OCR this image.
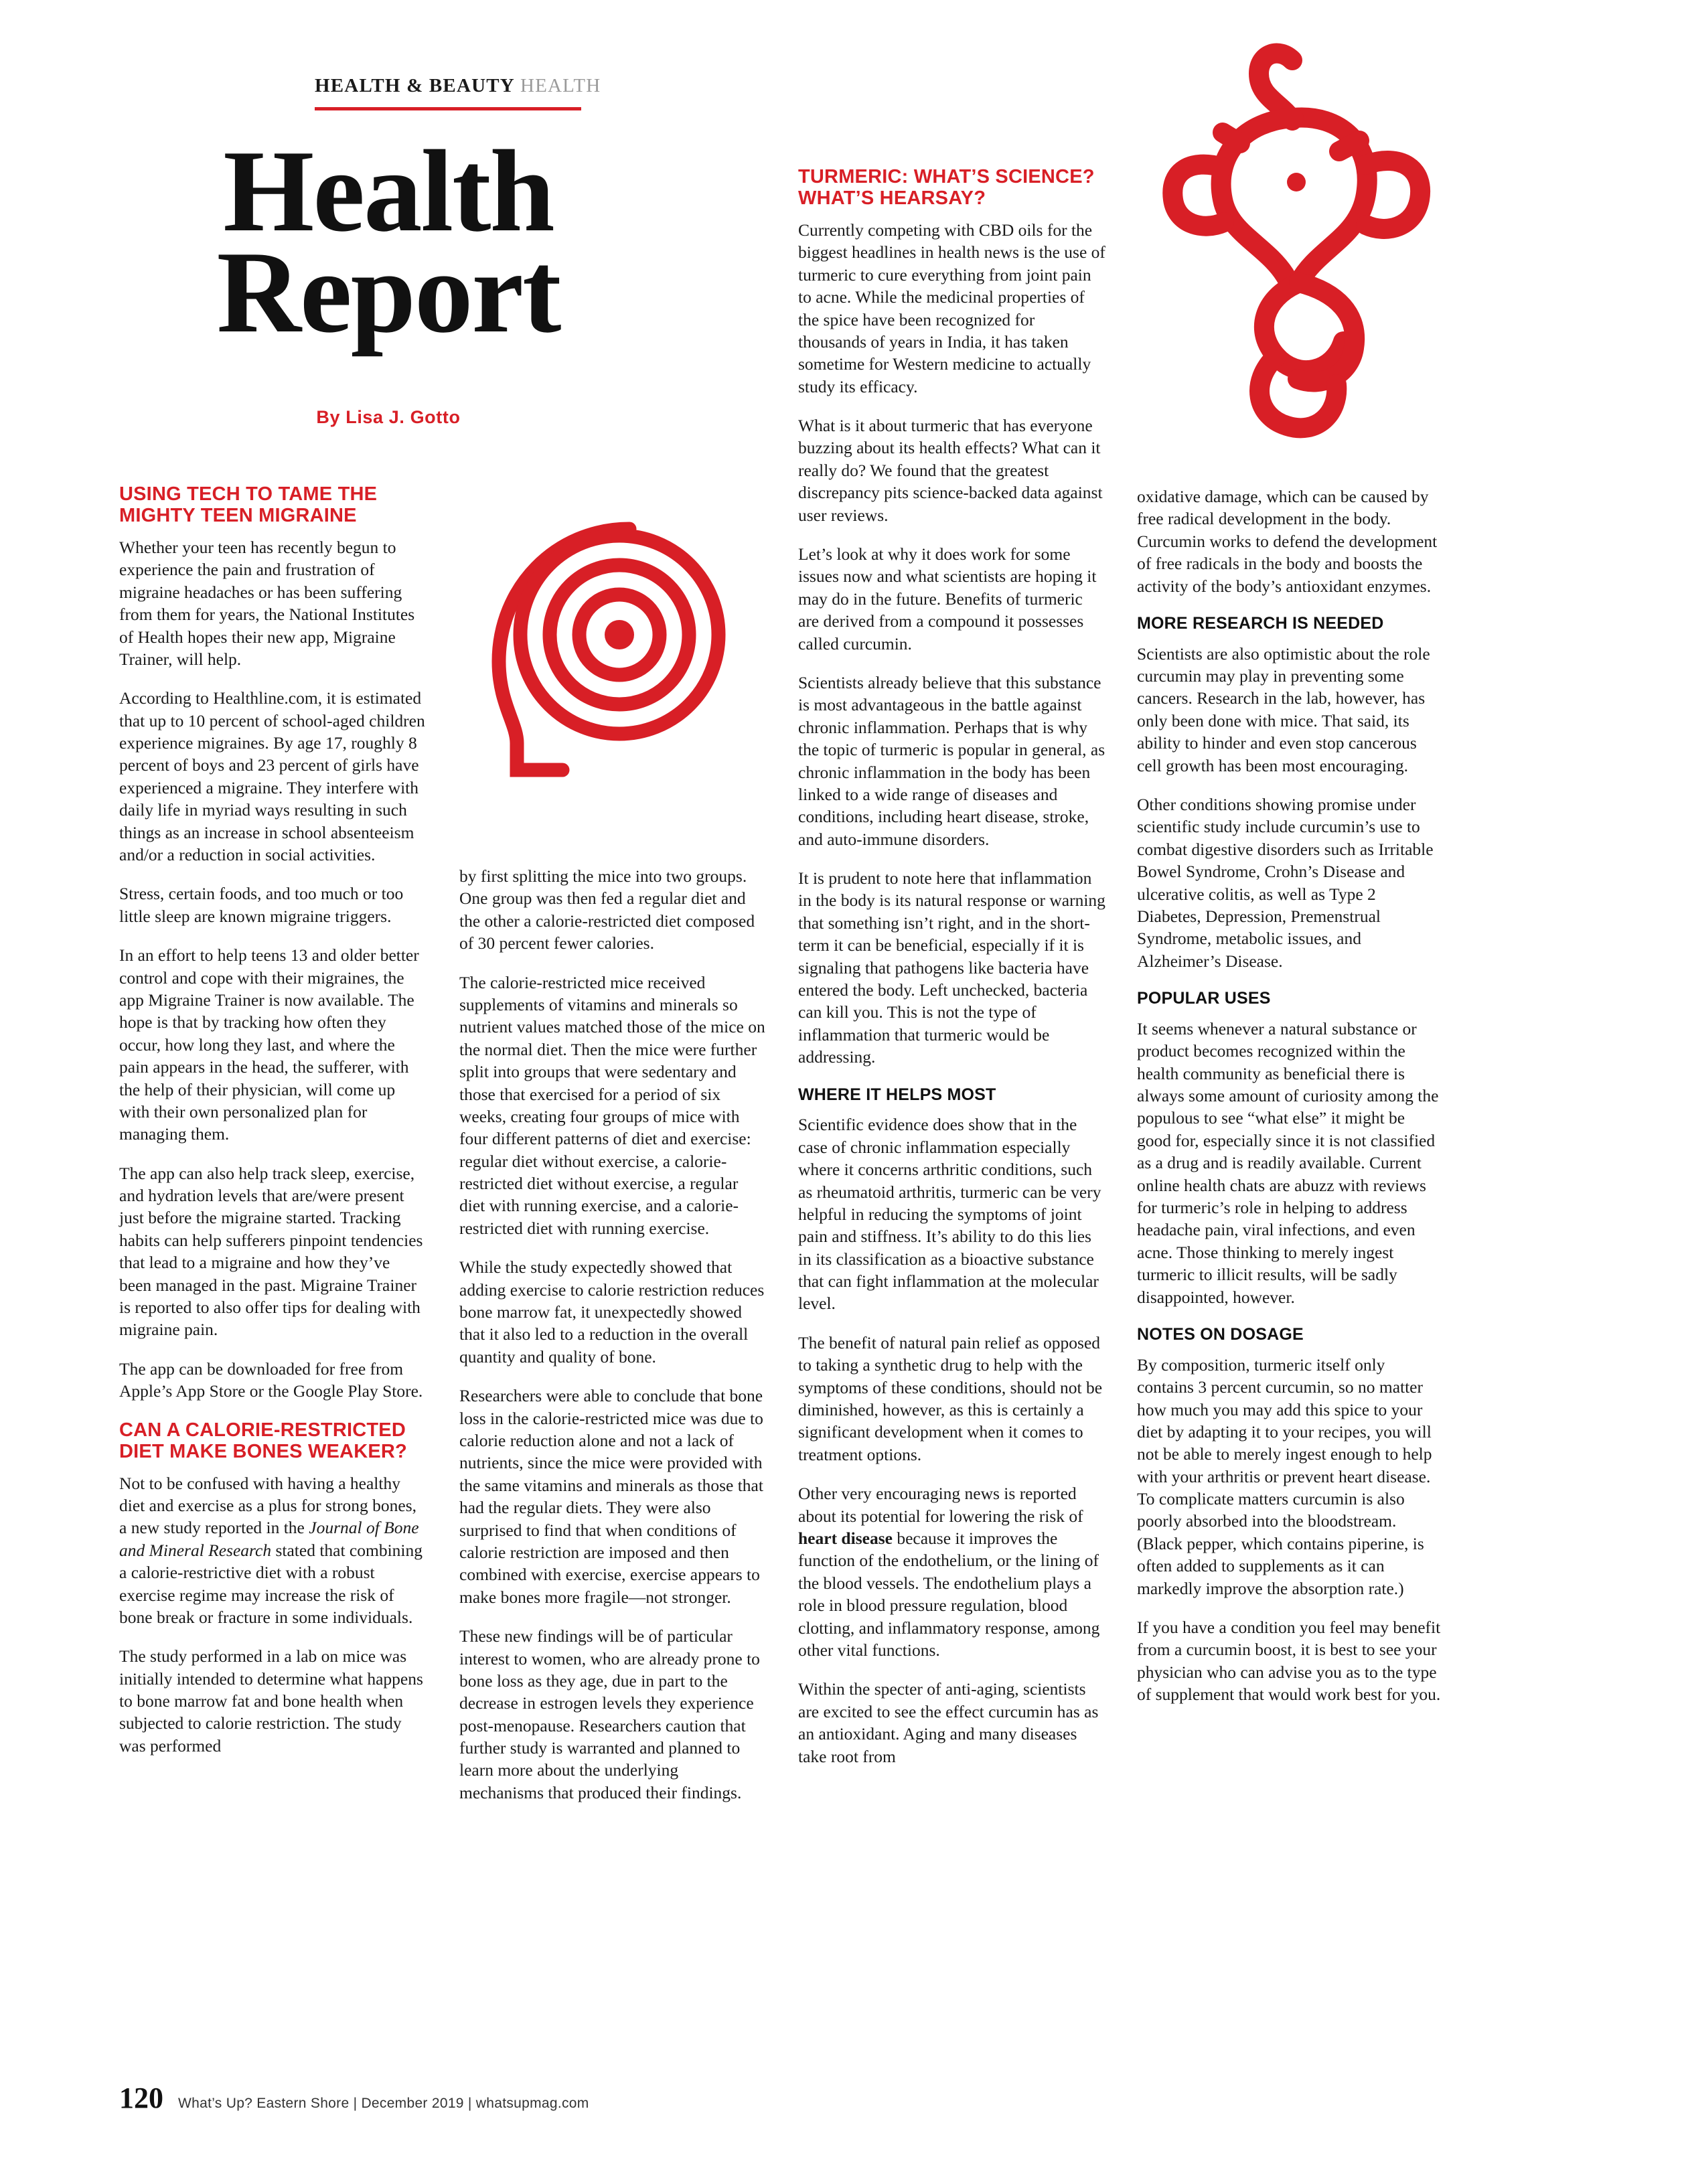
HEALTH & BEAUTY HEALTH
Health
Report
By Lisa J. Gotto
USING TECH TO TAME THE MIGHTY TEEN MIGRAINE

Whether your teen has recently begun to experience the pain and frustration of migraine headaches or has been suffering from them for years, the National Institutes of Health hopes their new app, Migraine Trainer, will help.

According to Healthline.com, it is estimated that up to 10 percent of school-aged children experience migraines. By age 17, roughly 8 percent of boys and 23 percent of girls have experienced a migraine. They interfere with daily life in myriad ways resulting in such things as an increase in school absenteeism and/or a reduction in social activities.

Stress, certain foods, and too much or too little sleep are known migraine triggers.

In an effort to help teens 13 and older better control and cope with their migraines, the app Migraine Trainer is now available. The hope is that by tracking how often they occur, how long they last, and where the pain appears in the head, the sufferer, with the help of their physician, will come up with their own personalized plan for managing them.

The app can also help track sleep, exercise, and hydration levels that are/were present just before the migraine started. Tracking habits can help sufferers pinpoint tendencies that lead to a migraine and how they’ve been managed in the past. Migraine Trainer is reported to also offer tips for dealing with migraine pain.

The app can be downloaded for free from Apple’s App Store or the Google Play Store.

CAN A CALORIE-RESTRICTED DIET MAKE BONES WEAKER?

Not to be confused with having a healthy diet and exercise as a plus for strong bones, a new study reported in the Journal of Bone and Mineral Research stated that combining a calorie-restrictive diet with a robust exercise regime may increase the risk of bone break or fracture in some individuals.

The study performed in a lab on mice was initially intended to determine what happens to bone marrow fat and bone health when subjected to calorie restriction. The study was performed

by first splitting the mice into two groups. One group was then fed a regular diet and the other a calorie-restricted diet composed of 30 percent fewer calories.

The calorie-restricted mice received supplements of vitamins and minerals so nutrient values matched those of the mice on the normal diet. Then the mice were further split into groups that were sedentary and those that exercised for a period of six weeks, creating four groups of mice with four different patterns of diet and exercise: regular diet without exercise, a calorie-restricted diet without exercise, a regular diet with running exercise, and a calorie-restricted diet with running exercise.

While the study expectedly showed that adding exercise to calorie restriction reduces bone marrow fat, it unexpectedly showed that it also led to a reduction in the overall quantity and quality of bone.

Researchers were able to conclude that bone loss in the calorie-restricted mice was due to calorie reduction alone and not a lack of nutrients, since the mice were provided with the same vitamins and minerals as those that had the regular diets. They were also surprised to find that when conditions of calorie restriction are imposed and then combined with exercise, exercise appears to make bones more fragile—not stronger.

These new findings will be of particular interest to women, who are already prone to bone loss as they age, due in part to the decrease in estrogen levels they experience post-menopause. Researchers caution that further study is warranted and planned to learn more about the underlying mechanisms that produced their findings.

TURMERIC: WHAT’S SCIENCE? WHAT’S HEARSAY?

Currently competing with CBD oils for the biggest headlines in health news is the use of turmeric to cure everything from joint pain to acne. While the medicinal properties of the spice have been recognized for thousands of years in India, it has taken sometime for Western medicine to actually study its efficacy.

What is it about turmeric that has everyone buzzing about its health effects? What can it really do? We found that the greatest discrepancy pits science-backed data against user reviews.

Let’s look at why it does work for some issues now and what scientists are hoping it may do in the future. Benefits of turmeric are derived from a compound it possesses called curcumin.

Scientists already believe that this substance is most advantageous in the battle against chronic inflammation. Perhaps that is why the topic of turmeric is popular in general, as chronic inflammation in the body has been linked to a wide range of diseases and conditions, including heart disease, stroke, and auto-immune disorders.

It is prudent to note here that inflammation in the body is its natural response or warning that something isn’t right, and in the short-term it can be beneficial, especially if it is signaling that pathogens like bacteria have entered the body. Left unchecked, bacteria can kill you. This is not the type of inflammation that turmeric would be addressing.

WHERE IT HELPS MOST

Scientific evidence does show that in the case of chronic inflammation especially where it concerns arthritic conditions, such as rheumatoid arthritis, turmeric can be very helpful in reducing the symptoms of joint pain and stiffness. It’s ability to do this lies in its classification as a bioactive substance that can fight inflammation at the molecular level.

The benefit of natural pain relief as opposed to taking a synthetic drug to help with the symptoms of these conditions, should not be diminished, however, as this is certainly a significant development when it comes to treatment options.

Other very encouraging news is reported about its potential for lowering the risk of heart disease because it improves the function of the endothelium, or the lining of the blood vessels. The endothelium plays a role in blood pressure regulation, blood clotting, and inflammatory response, among other vital functions.

Within the specter of anti-aging, scientists are excited to see the effect curcumin has as an antioxidant. Aging and many diseases take root from

oxidative damage, which can be caused by free radical development in the body. Curcumin works to defend the development of free radicals in the body and boosts the activity of the body’s antioxidant enzymes.

MORE RESEARCH IS NEEDED

Scientists are also optimistic about the role curcumin may play in preventing some cancers. Research in the lab, however, has only been done with mice. That said, its ability to hinder and even stop cancerous cell growth has been most encouraging.

Other conditions showing promise under scientific study include curcumin’s use to combat digestive disorders such as Irritable Bowel Syndrome, Crohn’s Disease and ulcerative colitis, as well as Type 2 Diabetes, Depression, Premenstrual Syndrome, metabolic issues, and Alzheimer’s Disease.

POPULAR USES

It seems whenever a natural substance or product becomes recognized within the health community as beneficial there is always some amount of curiosity among the populous to see “what else” it might be good for, especially since it is not classified as a drug and is readily available. Current online health chats are abuzz with reviews for turmeric’s role in helping to address headache pain, viral infections, and even acne. Those thinking to merely ingest turmeric to illicit results, will be sadly disappointed, however.

NOTES ON DOSAGE

By composition, turmeric itself only contains 3 percent curcumin, so no matter how much you may add this spice to your diet by adapting it to your recipes, you will not be able to merely ingest enough to help with your arthritis or prevent heart disease. To complicate matters curcumin is also poorly absorbed into the bloodstream. (Black pepper, which contains piperine, is often added to supplements as it can markedly improve the absorption rate.)

If you have a condition you feel may benefit from a curcumin boost, it is best to see your physician who can advise you as to the type of supplement that would work best for you.

120 What’s Up? Eastern Shore | December 2019 | whatsupmag.com
